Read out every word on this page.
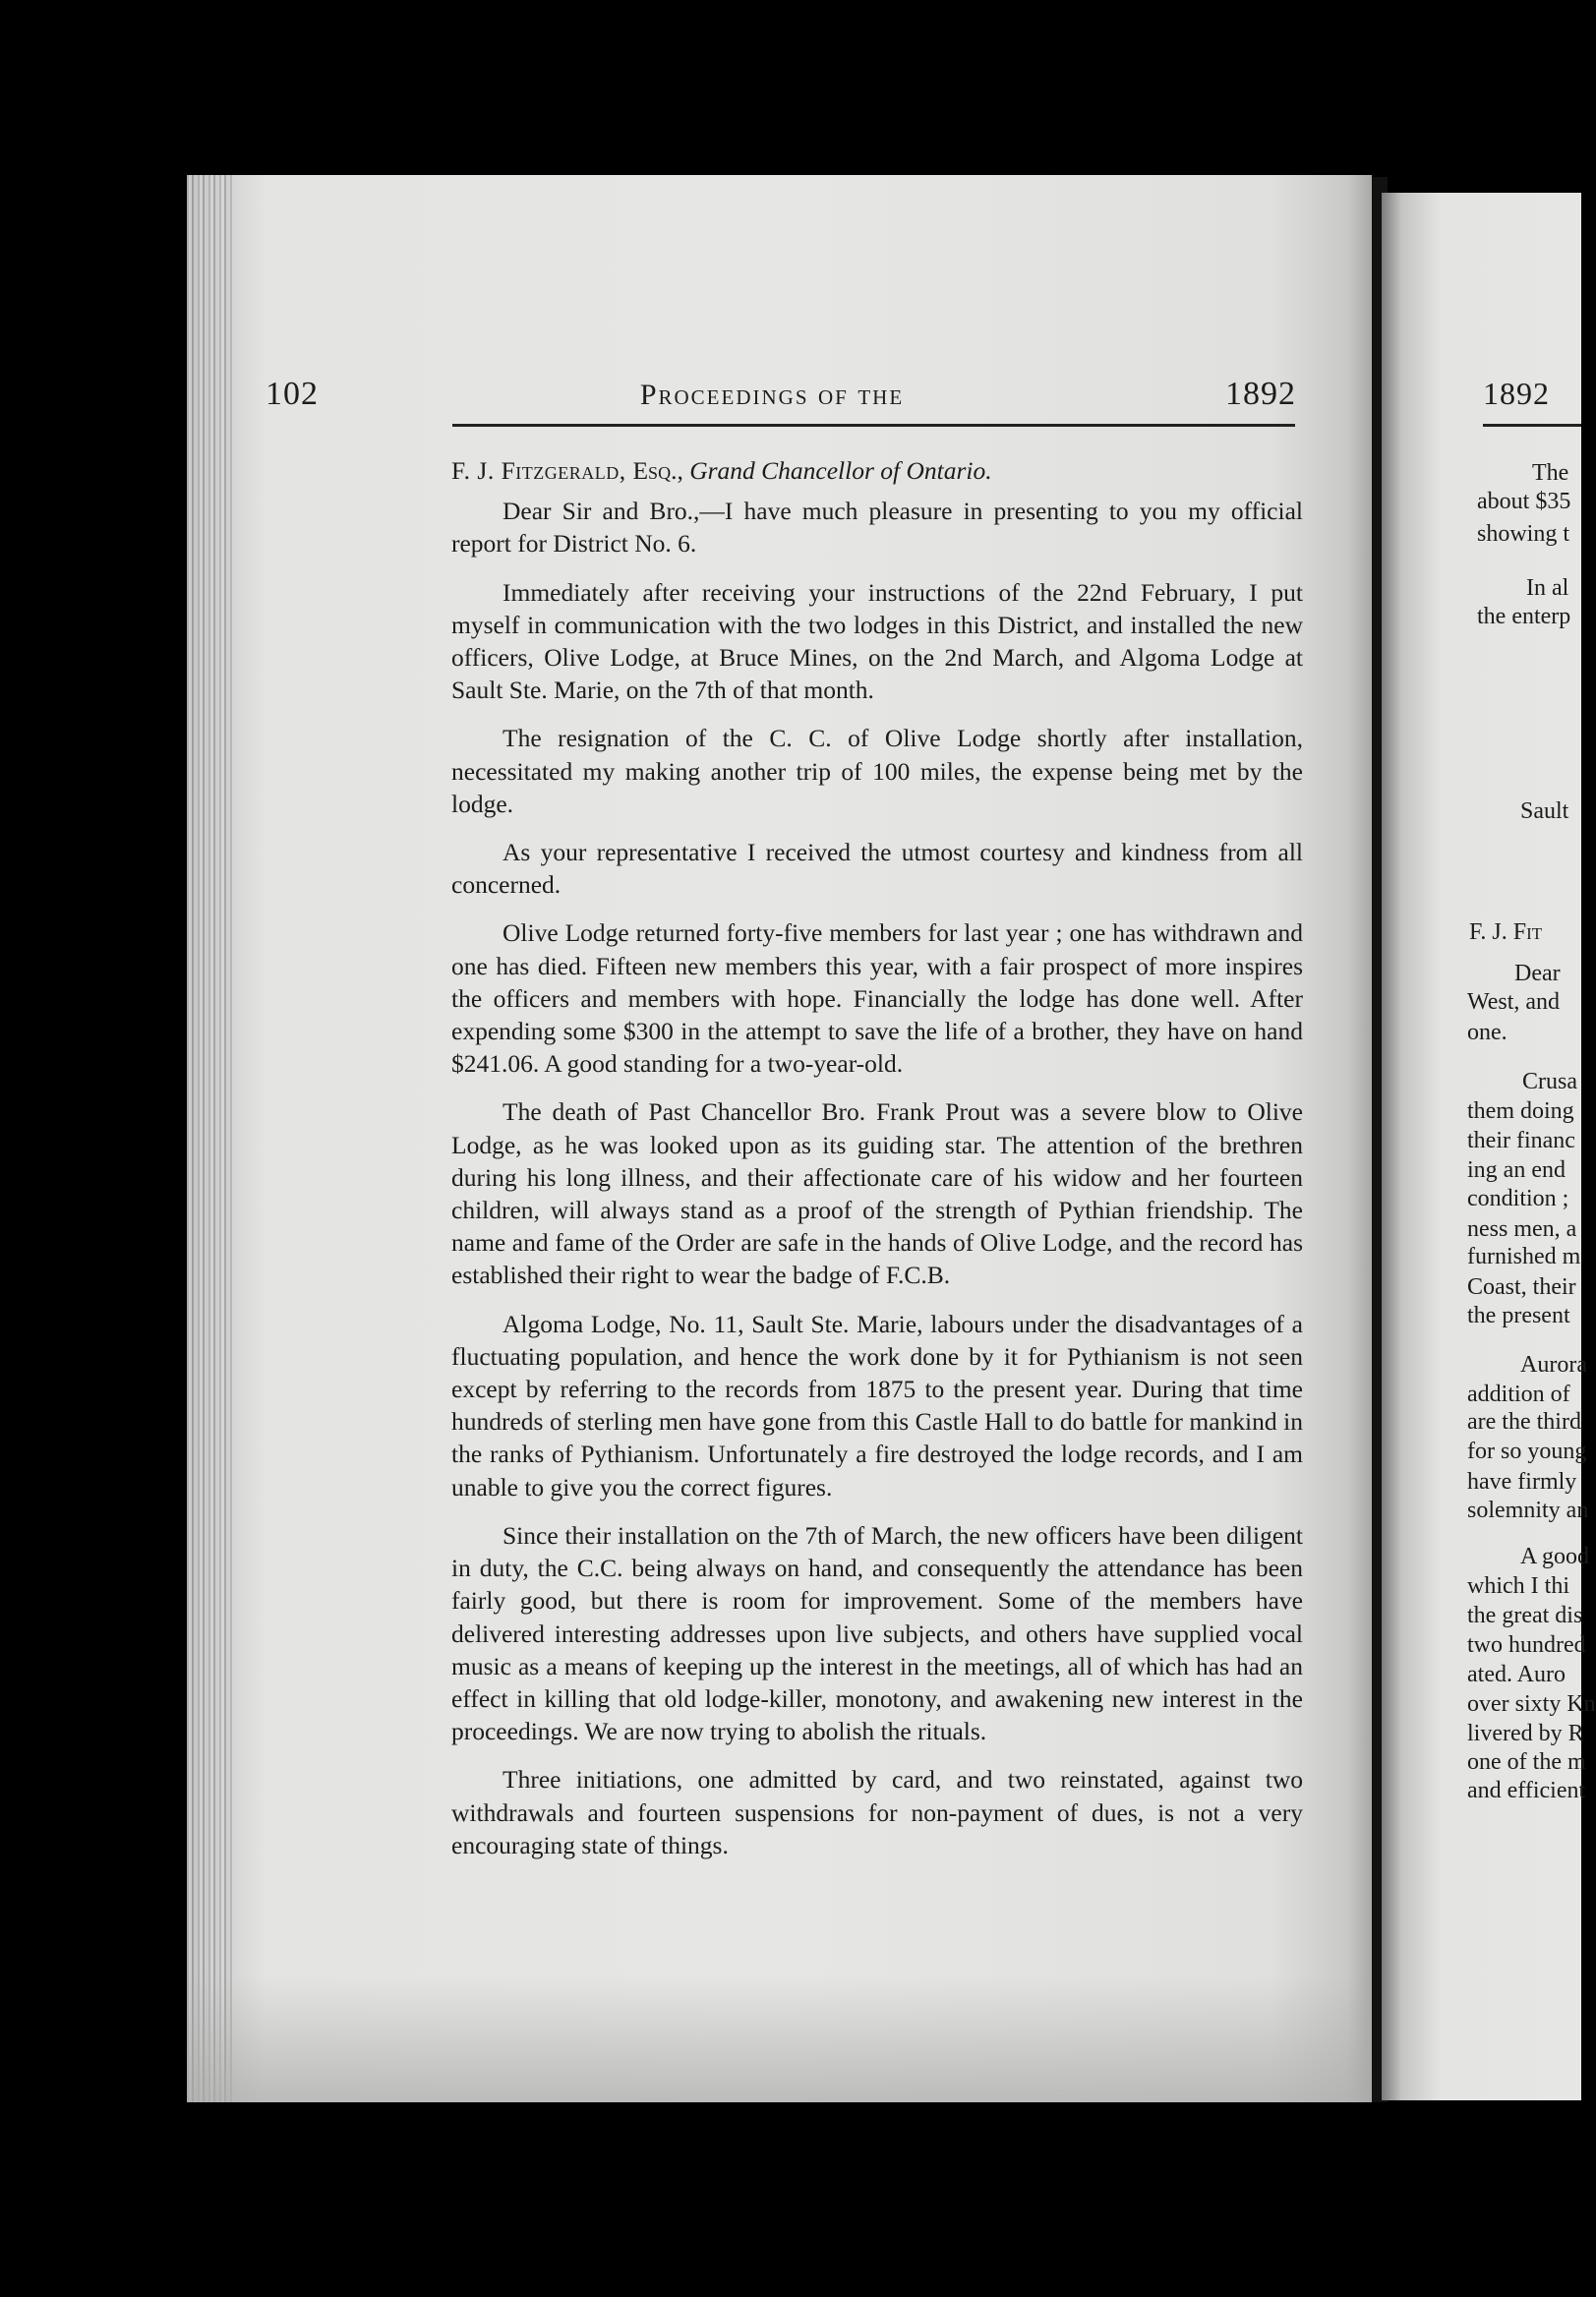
102	Proceedings of the	1892

F. J. Fitzgerald, Esq., Grand Chancellor of Ontario.

Dear Sir and Bro.,—I have much pleasure in presenting to you my official report for District No. 6.

Immediately after receiving your instructions of the 22nd February, I put myself in communication with the two lodges in this District, and installed the new officers, Olive Lodge, at Bruce Mines, on the 2nd March, and Algoma Lodge at Sault Ste. Marie, on the 7th of that month.

The resignation of the C. C. of Olive Lodge shortly after installation, necessitated my making another trip of 100 miles, the expense being met by the lodge.

As your representative I received the utmost courtesy and kindness from all concerned.

Olive Lodge returned forty-five members for last year ; one has withdrawn and one has died. Fifteen new members this year, with a fair prospect of more inspires the officers and members with hope. Financially the lodge has done well. After expending some $300 in the attempt to save the life of a brother, they have on hand $241.06. A good standing for a two-year-old.

The death of Past Chancellor Bro. Frank Prout was a severe blow to Olive Lodge, as he was looked upon as its guiding star. The attention of the brethren during his long illness, and their affectionate care of his widow and her fourteen children, will always stand as a proof of the strength of Pythian friendship. The name and fame of the Order are safe in the hands of Olive Lodge, and the record has established their right to wear the badge of F.C.B.

Algoma Lodge, No. 11, Sault Ste. Marie, labours under the disadvantages of a fluctuating population, and hence the work done by it for Pythianism is not seen except by referring to the records from 1875 to the present year. During that time hundreds of sterling men have gone from this Castle Hall to do battle for mankind in the ranks of Pythianism. Unfortunately a fire destroyed the lodge records, and I am unable to give you the correct figures.

Since their installation on the 7th of March, the new officers have been diligent in duty, the C.C. being always on hand, and consequently the attendance has been fairly good, but there is room for improvement. Some of the members have delivered interesting addresses upon live subjects, and others have supplied vocal music as a means of keeping up the interest in the meetings, all of which has had an effect in killing that old lodge-killer, monotony, and awakening new interest in the proceedings. We are now trying to abolish the rituals.

Three initiations, one admitted by card, and two reinstated, against two withdrawals and fourteen suspensions for non-payment of dues, is not a very encouraging state of things.

1892
The
about $35
showing t
In al
the enterp
Sault
F. J. Fit
Dear
West, and
one.
Crusa
them doing
their financ
ing an end
condition ;
ness men, a
furnished m
Coast, their
the present
Aurora
addition of
are the third
for so young
have firmly
solemnity an
A good
which I thi
the great dis
two hundred
ated. Auro
over sixty Kn
livered by R
one of the m
and efficient
